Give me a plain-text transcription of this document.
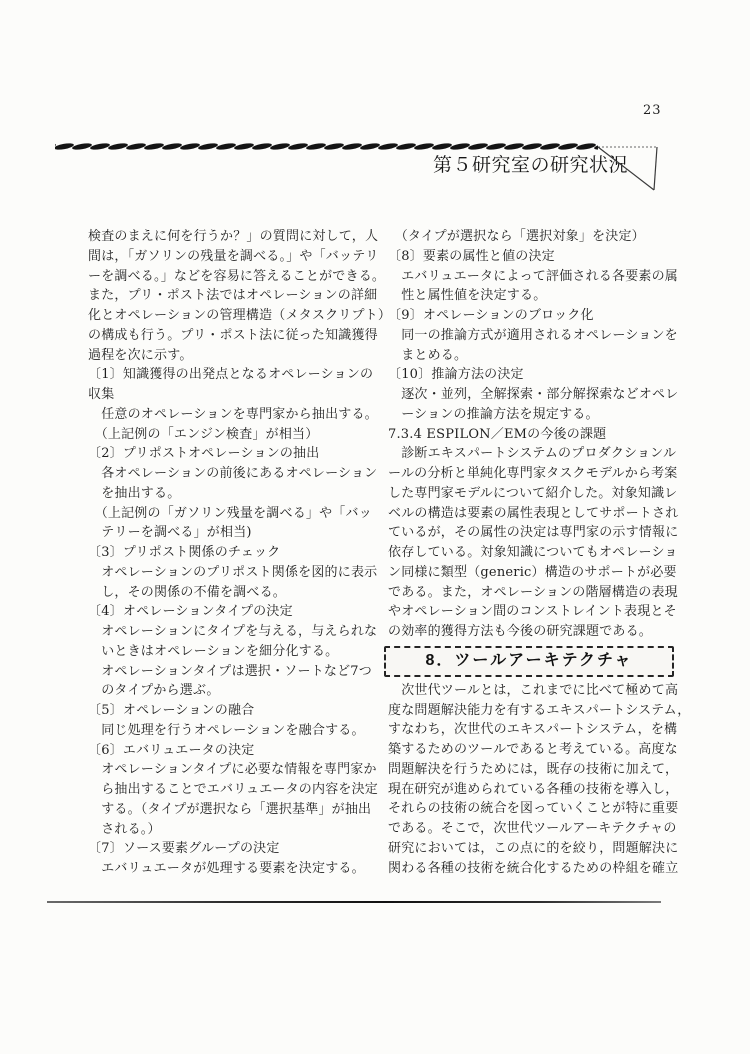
23
第５研究室の研究状況
検査のまえに何を行うか？」の質問に対して，人
間は，「ガソリンの残量を調べる。」や「バッテリ
ーを調べる。」などを容易に答えることができる。
また，プリ・ポスト法ではオペレーションの詳細
化とオペレーションの管理構造（メタスクリプト）
の構成も行う。プリ・ポスト法に従った知識獲得
過程を次に示す。
〔1〕知識獲得の出発点となるオペレーションの
収集
　任意のオペレーションを専門家から抽出する。
　（上記例の「エンジン検査」が相当）
〔2〕プリポストオペレーションの抽出
　各オペレーションの前後にあるオペレーション
　を抽出する。
　（上記例の「ガソリン残量を調べる」や「バッ
　テリーを調べる」が相当)
〔3〕プリポスト関係のチェック
　オペレーションのプリポスト関係を図的に表示
　し，その関係の不備を調べる。
〔4〕オペレーションタイプの決定
　オペレーションにタイプを与える，与えられな
　いときはオペレーションを細分化する。
　オペレーションタイプは選択・ソートなど7つ
　のタイプから選ぶ。
〔5〕オペレーションの融合
　同じ処理を行うオペレーションを融合する。
〔6〕エバリュエータの決定
　オペレーションタイプに必要な情報を専門家か
　ら抽出することでエバリュエータの内容を決定
　する。（タイプが選択なら「選択基準」が抽出
　される。）
〔7〕ソース要素グループの決定
　エバリュエータが処理する要素を決定する。
　（タイプが選択なら「選択対象」を決定）
〔8〕要素の属性と値の決定
　エバリュエータによって評価される各要素の属
　性と属性値を決定する。
〔9〕オペレーションのブロック化
　同一の推論方式が適用されるオペレーションを
　まとめる。
〔10〕推論方法の決定
　逐次・並列，全解探索・部分解探索などオペレ
　ーションの推論方法を規定する。
7.3.4 ESPILON／EMの今後の課題
　診断エキスパートシステムのプロダクションル
ールの分析と単純化専門家タスクモデルから考案
した専門家モデルについて紹介した。対象知識レ
ベルの構造は要素の属性表現としてサポートされ
ているが，その属性の決定は専門家の示す情報に
依存している。対象知識についてもオペレーショ
ン同様に類型（generic）構造のサポートが必要
である。また，オペレーションの階層構造の表現
やオペレーション間のコンストレイント表現とそ
の効率的獲得方法も今後の研究課題である。
8．ツールアーキテクチャ
　次世代ツールとは，これまでに比べて極めて高
度な問題解決能力を有するエキスパートシステム，
すなわち，次世代のエキスパートシステム，を構
築するためのツールであると考えている。高度な
問題解決を行うためには，既存の技術に加えて，
現在研究が進められている各種の技術を導入し，
それらの技術の統合を図っていくことが特に重要
である。そこで，次世代ツールアーキテクチャの
研究においては，この点に的を絞り，問題解決に
関わる各種の技術を統合化するための枠組を確立
